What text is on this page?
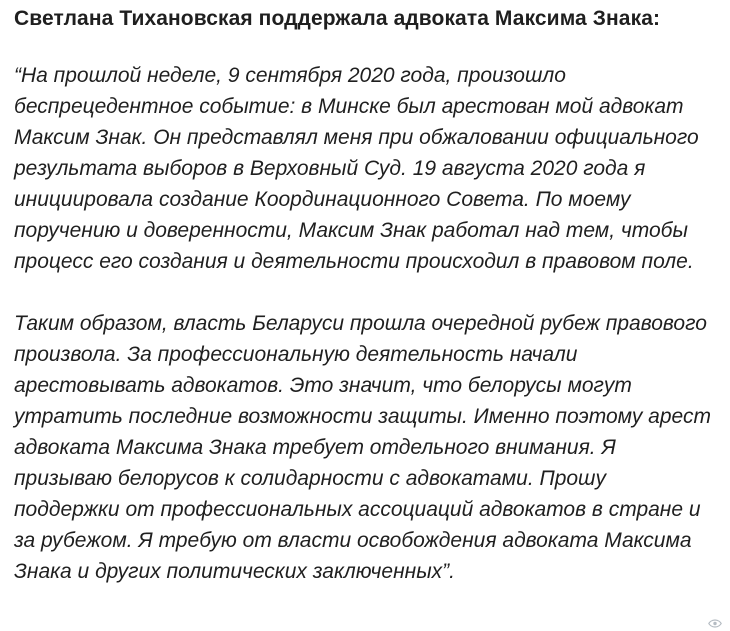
Светлана Тихановская поддержала адвоката Максима Знака:

“На прошлой неделе, 9 сентября 2020 года, произошло беспрецедентное событие: в Минске был арестован мой адвокат Максим Знак. Он представлял меня при обжаловании официального результата выборов в Верховный Суд. 19 августа 2020 года я инициировала создание Координационного Совета. По моему поручению и доверенности, Максим Знак работал над тем, чтобы процесс его создания и деятельности происходил в правовом поле.

Таким образом, власть Беларуси прошла очередной рубеж правового произвола. За профессиональную деятельность начали арестовывать адвокатов. Это значит, что белорусы могут утратить последние возможности защиты. Именно поэтому арест адвоката Максима Знака требует отдельного внимания. Я призываю белорусов к солидарности с адвокатами. Прошу поддержки от профессиональных ассоциаций адвокатов в стране и за рубежом. Я требую от власти освобождения адвоката Максима Знака и других политических заключенных”.
